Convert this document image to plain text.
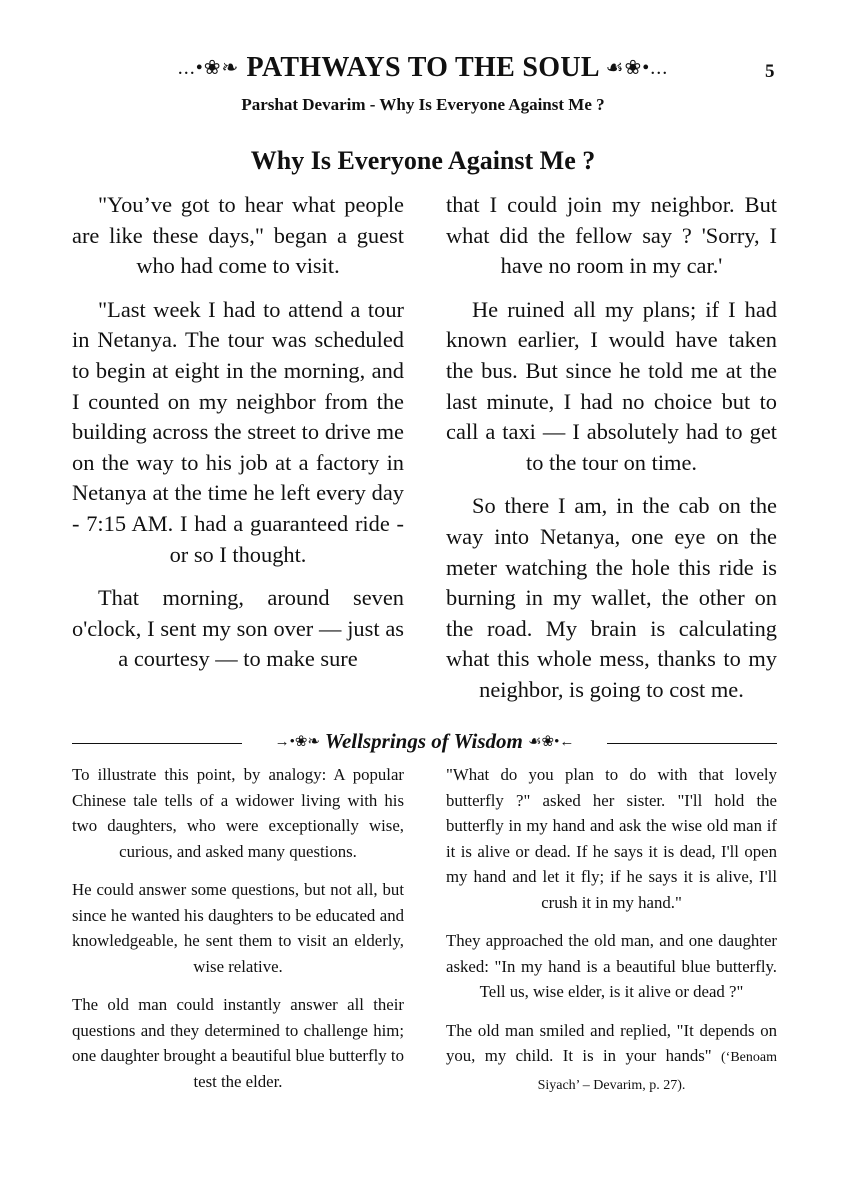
...•❀❧ PATHWAYS TO THE SOUL ☙❀•...	5
Parshat Devarim - Why Is Everyone Against Me ?
Why Is Everyone Against Me ?

"You’ve got to hear what people are like these days," began a guest who had come to visit.

"Last week I had to attend a tour in Netanya. The tour was scheduled to begin at eight in the morning, and I counted on my neighbor from the building across the street to drive me on the way to his job at a factory in Netanya at the time he left every day - 7:15 AM. I had a guaranteed ride - or so I thought.

That morning, around seven o'clock, I sent my son over — just as a courtesy — to make sure

that I could join my neighbor. But what did the fellow say ? 'Sorry, I have no room in my car.'

He ruined all my plans; if I had known earlier, I would have taken the bus. But since he told me at the last minute, I had no choice but to call a taxi — I absolutely had to get to the tour on time.

So there I am, in the cab on the way into Netanya, one eye on the meter watching the hole this ride is burning in my wallet, the other on the road. My brain is calculating what this whole mess, thanks to my neighbor, is going to cost me.

→•❀❧ Wellsprings of Wisdom ☙❀•←

To illustrate this point, by analogy: A popular Chinese tale tells of a widower living with his two daughters, who were exceptionally wise, curious, and asked many questions.

He could answer some questions, but not all, but since he wanted his daughters to be educated and knowledgeable, he sent them to visit an elderly, wise relative.

The old man could instantly answer all their questions and they determined to challenge him; one daughter brought a beautiful blue butterfly to test the elder.

"What do you plan to do with that lovely butterfly ?" asked her sister. "I'll hold the butterfly in my hand and ask the wise old man if it is alive or dead. If he says it is dead, I'll open my hand and let it fly; if he says it is alive, I'll crush it in my hand."

They approached the old man, and one daughter asked: "In my hand is a beautiful blue butterfly. Tell us, wise elder, is it alive or dead ?"

The old man smiled and replied, "It depends on you, my child. It is in your hands" (‘Benoam Siyach’ – Devarim, p. 27).
